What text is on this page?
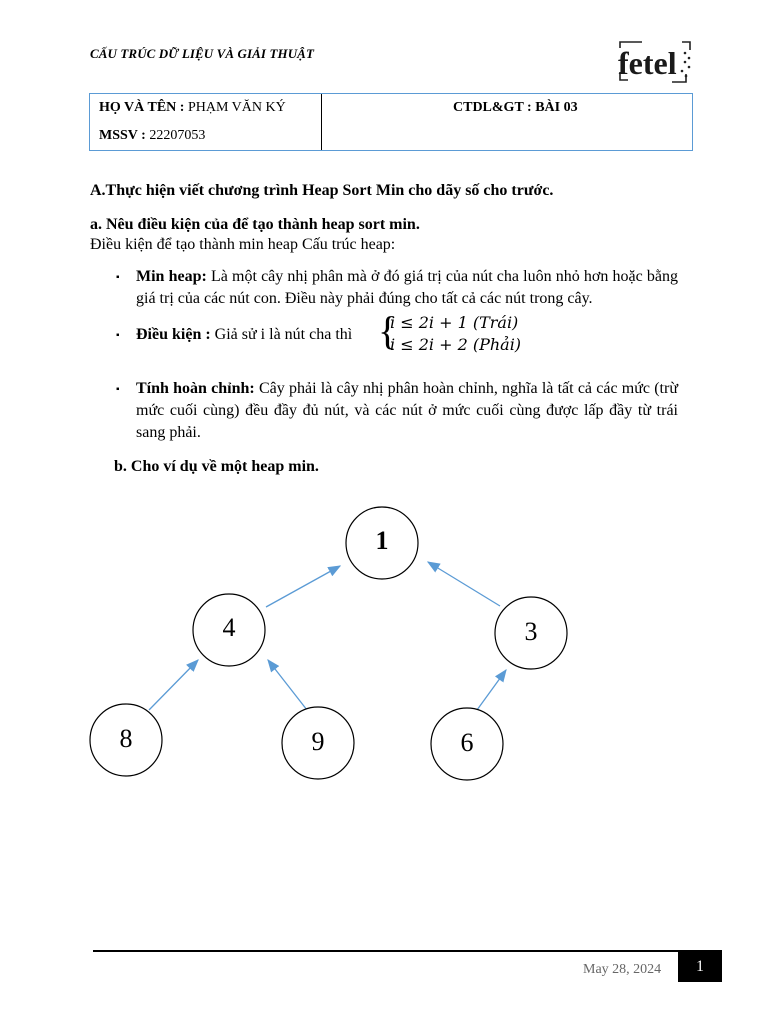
CẤU TRÚC DỮ LIỆU VÀ GIẢI THUẬT	fetel
HỌ VÀ TÊN : PHẠM VĂN KÝ
MSSV : 22207053
CTDL&GT : BÀI 03
A.Thực hiện viết chương trình Heap Sort Min cho dãy số cho trước.
a. Nêu điều kiện của để tạo thành heap sort min.
Điều kiện để tạo thành min heap Cấu trúc heap:
▪ Min heap: Là một cây nhị phân mà ở đó giá trị của nút cha luôn nhỏ hơn hoặc bằng giá trị của các nút con. Điều này phải đúng cho tất cả các nút trong cây.
▪ Điều kiện : Giả sử i là nút cha thì {
i ≤ 2i + 1 (Trái)
i ≤ 2i + 2 (Phải)
▪ Tính hoàn chỉnh: Cây phải là cây nhị phân hoàn chỉnh, nghĩa là tất cả các mức (trừ mức cuối cùng) đều đầy đủ nút, và các nút ở mức cuối cùng được lấp đầy từ trái sang phải.
b. Cho ví dụ về một heap min.
1
4	3
8	9	6
May 28, 2024	1
